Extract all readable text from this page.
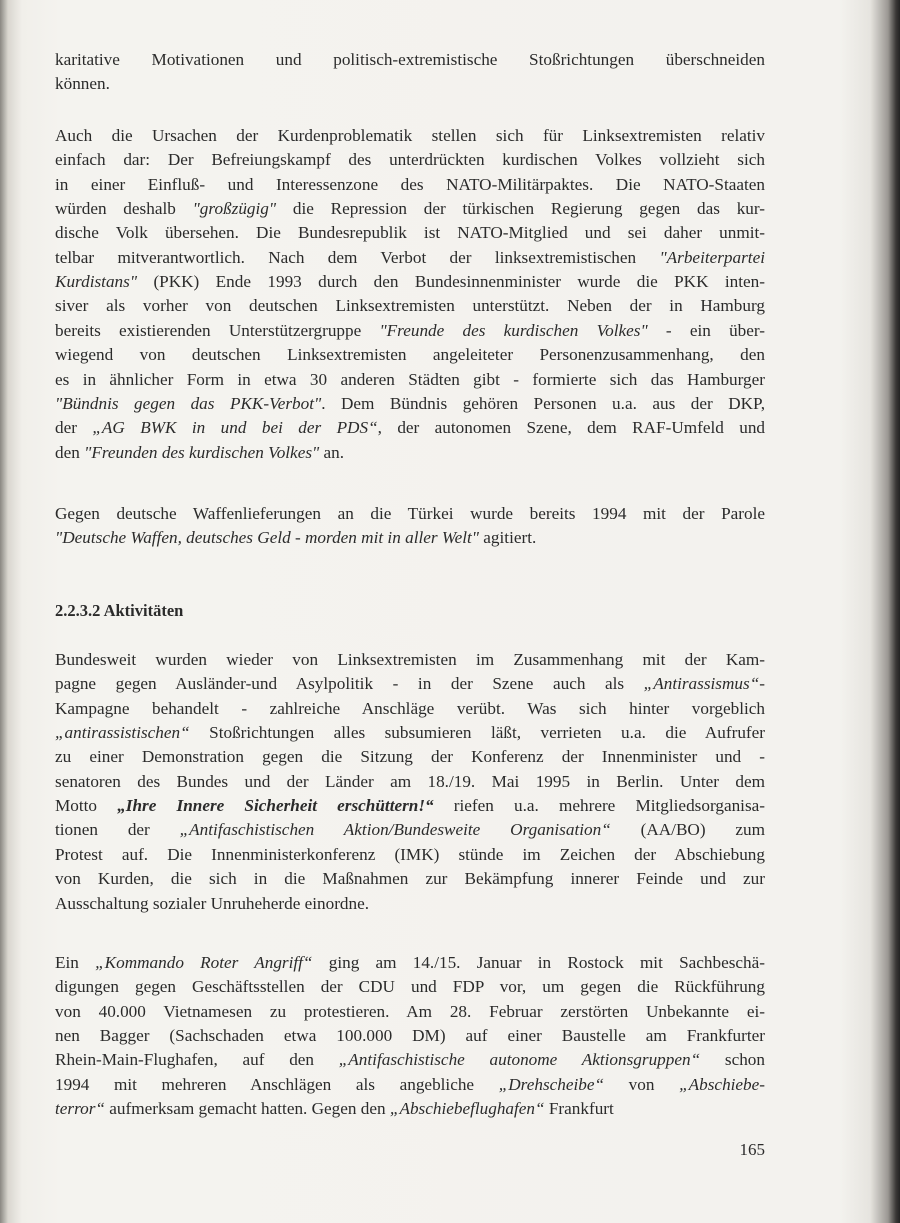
karitative Motivationen und politisch-extremistische Stoßrichtungen überschneiden
können.
Auch die Ursachen der Kurdenproblematik stellen sich für Linksextremisten relativ
einfach dar: Der Befreiungskampf des unterdrückten kurdischen Volkes vollzieht sich
in einer Einfluß- und Interessenzone des NATO-Militärpaktes. Die NATO-Staaten
würden deshalb "großzügig" die Repression der türkischen Regierung gegen das kur-
dische Volk übersehen. Die Bundesrepublik ist NATO-Mitglied und sei daher unmit-
telbar mitverantwortlich. Nach dem Verbot der linksextremistischen "Arbeiterpartei
Kurdistans" (PKK) Ende 1993 durch den Bundesinnenminister wurde die PKK inten-
siver als vorher von deutschen Linksextremisten unterstützt. Neben der in Hamburg
bereits existierenden Unterstützergruppe "Freunde des kurdischen Volkes" - ein über-
wiegend von deutschen Linksextremisten angeleiteter Personenzusammenhang, den
es in ähnlicher Form in etwa 30 anderen Städten gibt - formierte sich das Hamburger
"Bündnis gegen das PKK-Verbot". Dem Bündnis gehören Personen u.a. aus der DKP,
der „AG BWK in und bei der PDS“, der autonomen Szene, dem RAF-Umfeld und
den "Freunden des kurdischen Volkes" an.
Gegen deutsche Waffenlieferungen an die Türkei wurde bereits 1994 mit der Parole
"Deutsche Waffen, deutsches Geld - morden mit in aller Welt" agitiert.
Bundesweit wurden wieder von Linksextremisten im Zusammenhang mit der Kam-
pagne gegen Ausländer-und Asylpolitik - in der Szene auch als „Antirassismus“-
Kampagne behandelt - zahlreiche Anschläge verübt. Was sich hinter vorgeblich
„antirassistischen“ Stoßrichtungen alles subsumieren läßt, verrieten u.a. die Aufrufer
zu einer Demonstration gegen die Sitzung der Konferenz der Innenminister und -
senatoren des Bundes und der Länder am 18./19. Mai 1995 in Berlin. Unter dem
Motto „Ihre Innere Sicherheit erschüttern!“ riefen u.a. mehrere Mitgliedsorganisa-
tionen der „Antifaschistischen Aktion/Bundesweite Organisation“ (AA/BO) zum
Protest auf. Die Innenministerkonferenz (IMK) stünde im Zeichen der Abschiebung
von Kurden, die sich in die Maßnahmen zur Bekämpfung innerer Feinde und zur
Ausschaltung sozialer Unruheherde einordne.
Ein „Kommando Roter Angriff“ ging am 14./15. Januar in Rostock mit Sachbeschä-
digungen gegen Geschäftsstellen der CDU und FDP vor, um gegen die Rückführung
von 40.000 Vietnamesen zu protestieren. Am 28. Februar zerstörten Unbekannte ei-
nen Bagger (Sachschaden etwa 100.000 DM) auf einer Baustelle am Frankfurter
Rhein-Main-Flughafen, auf den „Antifaschistische autonome Aktionsgruppen“ schon
1994 mit mehreren Anschlägen als angebliche „Drehscheibe“ von „Abschiebe-
terror“ aufmerksam gemacht hatten. Gegen den „Abschiebeflughafen“ Frankfurt
2.2.3.2 Aktivitäten
165
